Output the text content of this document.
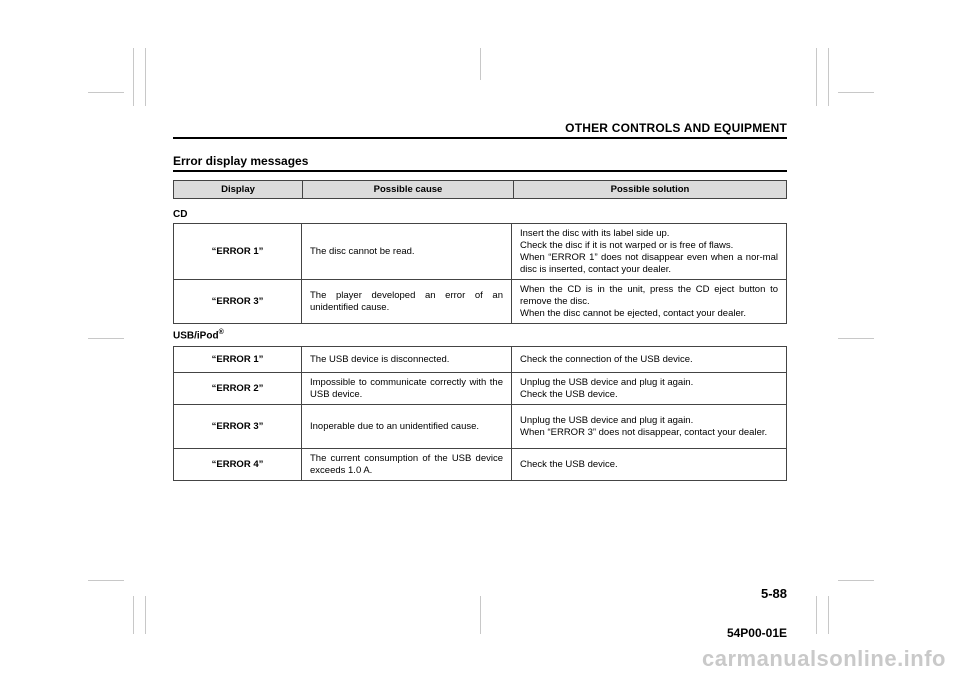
OTHER CONTROLS AND EQUIPMENT
Error display messages
Display	Possible cause	Possible solution
CD
“ERROR 1”	The disc cannot be read.	Insert the disc with its label side up.
Check the disc if it is not warped or is free of flaws.
When “ERROR 1” does not disappear even when a nor-mal disc is inserted, contact your dealer.

“ERROR 3”	The player developed an error of an unidentified cause.	When the CD is in the unit, press the CD eject button to remove the disc.
When the disc cannot be ejected, contact your dealer.
USB/iPod®
“ERROR 1”	The USB device is disconnected.	Check the connection of the USB device.

“ERROR 2”	Impossible to communicate correctly with the USB device.	Unplug the USB device and plug it again.
Check the USB device.

“ERROR 3”	Inoperable due to an unidentified cause.	Unplug the USB device and plug it again.
When “ERROR 3” does not disappear, contact your dealer.

“ERROR 4”	The current consumption of the USB device exceeds 1.0 A.	Check the USB device.
5-88
54P00-01E
carmanualsonline.info
